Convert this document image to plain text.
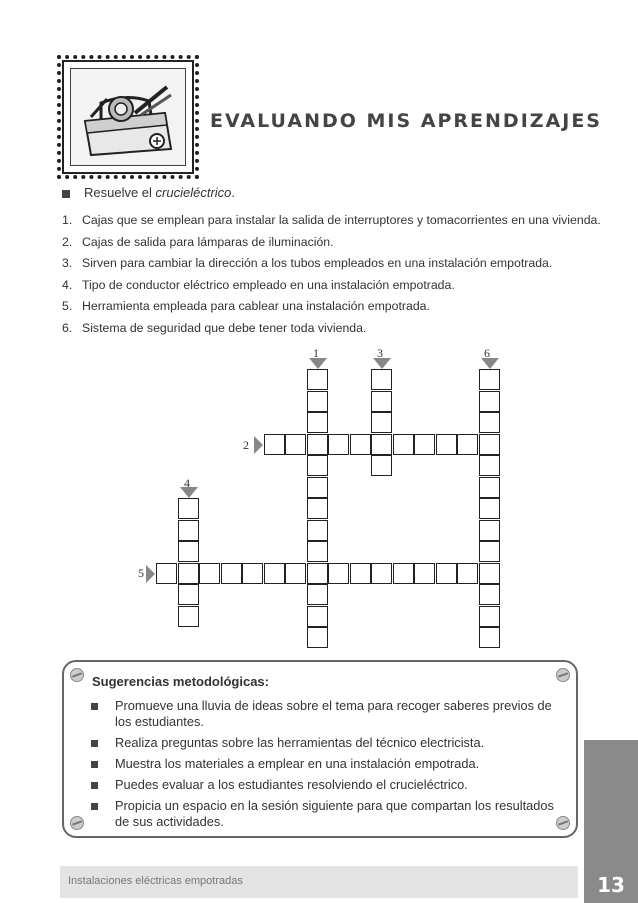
EVALUANDO MIS APRENDIZAJES
Resuelve el crucieléctrico.
1. Cajas que se emplean para instalar la salida de interruptores y tomacorrientes en una vivienda.
2. Cajas de salida para lámparas de iluminación.
3. Sirven para cambiar la dirección a los tubos empleados en una instalación empotrada.
4. Tipo de conductor eléctrico empleado en una instalación empotrada.
5. Herramienta empleada para cablear una instalación empotrada.
6. Sistema de seguridad que debe tener toda vivienda.
1	3	6
2
4
5
Sugerencias metodológicas:
Promueve una lluvia de ideas sobre el tema para recoger saberes previos de los estudiantes.
Realiza preguntas sobre las herramientas del técnico electricista.
Muestra los materiales a emplear en una instalación empotrada.
Puedes evaluar a los estudiantes resolviendo el crucieléctrico.
Propicia un espacio en la sesión siguiente para que compartan los resultados de sus actividades.
Instalaciones eléctricas empotradas	13
